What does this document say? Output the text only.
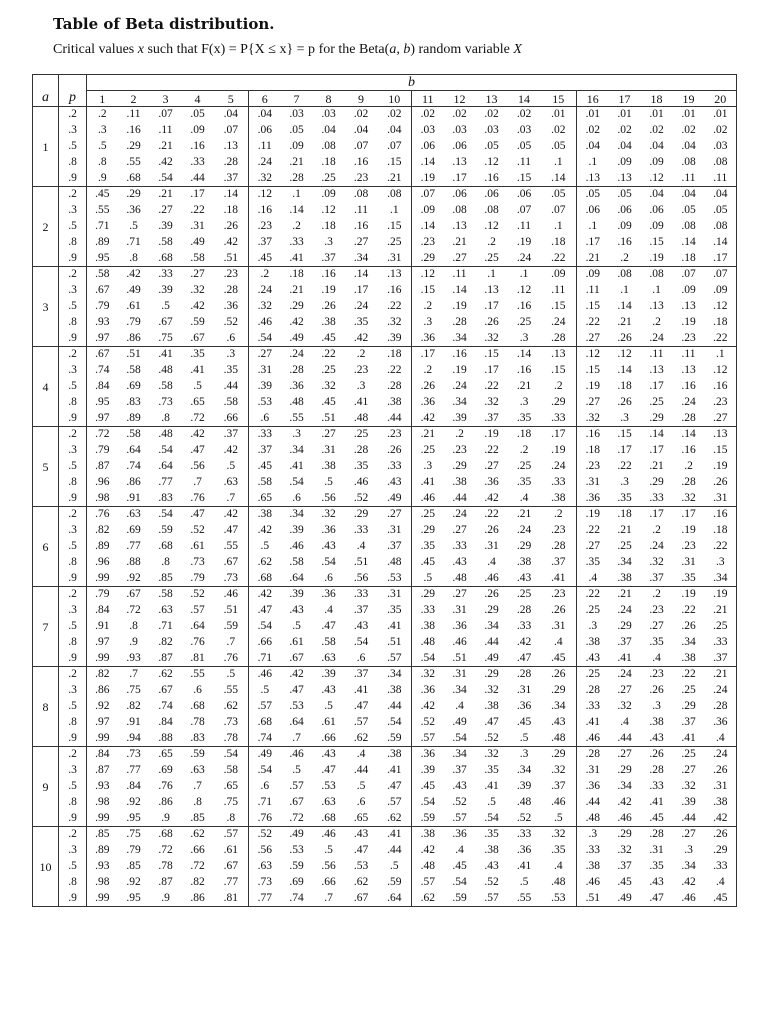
Table of Beta distribution.
Critical values x such that F(x) = P{X ≤ x} = p for the Beta(a, b) random variable X
		b																			
a	p	1	2	3	4	5	6	7	8	9	10	11	12	13	14	15	16	17	18	19	20
	.2	.2	.11	.07	.05	.04	.04	.03	.03	.02	.02	.02	.02	.02	.02	.01	.01	.01	.01	.01	.01
	.3	.3	.16	.11	.09	.07	.06	.05	.04	.04	.04	.03	.03	.03	.03	.02	.02	.02	.02	.02	.02
1	.5	.5	.29	.21	.16	.13	.11	.09	.08	.07	.07	.06	.06	.05	.05	.05	.04	.04	.04	.04	.03
	.8	.8	.55	.42	.33	.28	.24	.21	.18	.16	.15	.14	.13	.12	.11	.1	.1	.09	.09	.08	.08
	.9	.9	.68	.54	.44	.37	.32	.28	.25	.23	.21	.19	.17	.16	.15	.14	.13	.13	.12	.11	.11
	.2	.45	.29	.21	.17	.14	.12	.1	.09	.08	.08	.07	.06	.06	.06	.05	.05	.05	.04	.04	.04
	.3	.55	.36	.27	.22	.18	.16	.14	.12	.11	.1	.09	.08	.08	.07	.07	.06	.06	.06	.05	.05
2	.5	.71	.5	.39	.31	.26	.23	.2	.18	.16	.15	.14	.13	.12	.11	.1	.1	.09	.09	.08	.08
	.8	.89	.71	.58	.49	.42	.37	.33	.3	.27	.25	.23	.21	.2	.19	.18	.17	.16	.15	.14	.14
	.9	.95	.8	.68	.58	.51	.45	.41	.37	.34	.31	.29	.27	.25	.24	.22	.21	.2	.19	.18	.17
	.2	.58	.42	.33	.27	.23	.2	.18	.16	.14	.13	.12	.11	.1	.1	.09	.09	.08	.08	.07	.07
	.3	.67	.49	.39	.32	.28	.24	.21	.19	.17	.16	.15	.14	.13	.12	.11	.11	.1	.1	.09	.09
3	.5	.79	.61	.5	.42	.36	.32	.29	.26	.24	.22	.2	.19	.17	.16	.15	.15	.14	.13	.13	.12
	.8	.93	.79	.67	.59	.52	.46	.42	.38	.35	.32	.3	.28	.26	.25	.24	.22	.21	.2	.19	.18
	.9	.97	.86	.75	.67	.6	.54	.49	.45	.42	.39	.36	.34	.32	.3	.28	.27	.26	.24	.23	.22
	.2	.67	.51	.41	.35	.3	.27	.24	.22	.2	.18	.17	.16	.15	.14	.13	.12	.12	.11	.11	.1
	.3	.74	.58	.48	.41	.35	.31	.28	.25	.23	.22	.2	.19	.17	.16	.15	.15	.14	.13	.13	.12
4	.5	.84	.69	.58	.5	.44	.39	.36	.32	.3	.28	.26	.24	.22	.21	.2	.19	.18	.17	.16	.16
	.8	.95	.83	.73	.65	.58	.53	.48	.45	.41	.38	.36	.34	.32	.3	.29	.27	.26	.25	.24	.23
	.9	.97	.89	.8	.72	.66	.6	.55	.51	.48	.44	.42	.39	.37	.35	.33	.32	.3	.29	.28	.27
	.2	.72	.58	.48	.42	.37	.33	.3	.27	.25	.23	.21	.2	.19	.18	.17	.16	.15	.14	.14	.13
	.3	.79	.64	.54	.47	.42	.37	.34	.31	.28	.26	.25	.23	.22	.2	.19	.18	.17	.17	.16	.15
5	.5	.87	.74	.64	.56	.5	.45	.41	.38	.35	.33	.3	.29	.27	.25	.24	.23	.22	.21	.2	.19
	.8	.96	.86	.77	.7	.63	.58	.54	.5	.46	.43	.41	.38	.36	.35	.33	.31	.3	.29	.28	.26
	.9	.98	.91	.83	.76	.7	.65	.6	.56	.52	.49	.46	.44	.42	.4	.38	.36	.35	.33	.32	.31
	.2	.76	.63	.54	.47	.42	.38	.34	.32	.29	.27	.25	.24	.22	.21	.2	.19	.18	.17	.17	.16
	.3	.82	.69	.59	.52	.47	.42	.39	.36	.33	.31	.29	.27	.26	.24	.23	.22	.21	.2	.19	.18
6	.5	.89	.77	.68	.61	.55	.5	.46	.43	.4	.37	.35	.33	.31	.29	.28	.27	.25	.24	.23	.22
	.8	.96	.88	.8	.73	.67	.62	.58	.54	.51	.48	.45	.43	.4	.38	.37	.35	.34	.32	.31	.3
	.9	.99	.92	.85	.79	.73	.68	.64	.6	.56	.53	.5	.48	.46	.43	.41	.4	.38	.37	.35	.34
	.2	.79	.67	.58	.52	.46	.42	.39	.36	.33	.31	.29	.27	.26	.25	.23	.22	.21	.2	.19	.19
	.3	.84	.72	.63	.57	.51	.47	.43	.4	.37	.35	.33	.31	.29	.28	.26	.25	.24	.23	.22	.21
7	.5	.91	.8	.71	.64	.59	.54	.5	.47	.43	.41	.38	.36	.34	.33	.31	.3	.29	.27	.26	.25
	.8	.97	.9	.82	.76	.7	.66	.61	.58	.54	.51	.48	.46	.44	.42	.4	.38	.37	.35	.34	.33
	.9	.99	.93	.87	.81	.76	.71	.67	.63	.6	.57	.54	.51	.49	.47	.45	.43	.41	.4	.38	.37
	.2	.82	.7	.62	.55	.5	.46	.42	.39	.37	.34	.32	.31	.29	.28	.26	.25	.24	.23	.22	.21
	.3	.86	.75	.67	.6	.55	.5	.47	.43	.41	.38	.36	.34	.32	.31	.29	.28	.27	.26	.25	.24
8	.5	.92	.82	.74	.68	.62	.57	.53	.5	.47	.44	.42	.4	.38	.36	.34	.33	.32	.3	.29	.28
	.8	.97	.91	.84	.78	.73	.68	.64	.61	.57	.54	.52	.49	.47	.45	.43	.41	.4	.38	.37	.36
	.9	.99	.94	.88	.83	.78	.74	.7	.66	.62	.59	.57	.54	.52	.5	.48	.46	.44	.43	.41	.4
	.2	.84	.73	.65	.59	.54	.49	.46	.43	.4	.38	.36	.34	.32	.3	.29	.28	.27	.26	.25	.24
	.3	.87	.77	.69	.63	.58	.54	.5	.47	.44	.41	.39	.37	.35	.34	.32	.31	.29	.28	.27	.26
9	.5	.93	.84	.76	.7	.65	.6	.57	.53	.5	.47	.45	.43	.41	.39	.37	.36	.34	.33	.32	.31
	.8	.98	.92	.86	.8	.75	.71	.67	.63	.6	.57	.54	.52	.5	.48	.46	.44	.42	.41	.39	.38
	.9	.99	.95	.9	.85	.8	.76	.72	.68	.65	.62	.59	.57	.54	.52	.5	.48	.46	.45	.44	.42
	.2	.85	.75	.68	.62	.57	.52	.49	.46	.43	.41	.38	.36	.35	.33	.32	.3	.29	.28	.27	.26
	.3	.89	.79	.72	.66	.61	.56	.53	.5	.47	.44	.42	.4	.38	.36	.35	.33	.32	.31	.3	.29
10	.5	.93	.85	.78	.72	.67	.63	.59	.56	.53	.5	.48	.45	.43	.41	.4	.38	.37	.35	.34	.33
	.8	.98	.92	.87	.82	.77	.73	.69	.66	.62	.59	.57	.54	.52	.5	.48	.46	.45	.43	.42	.4
	.9	.99	.95	.9	.86	.81	.77	.74	.7	.67	.64	.62	.59	.57	.55	.53	.51	.49	.47	.46	.45
